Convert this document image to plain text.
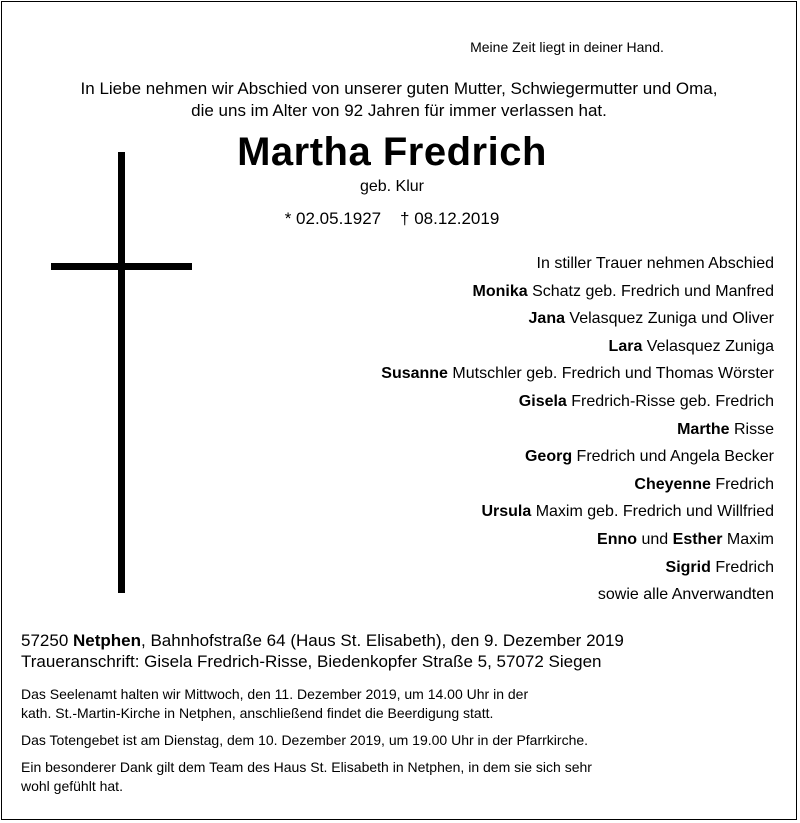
Meine Zeit liegt in deiner Hand.
In Liebe nehmen wir Abschied von unserer guten Mutter, Schwiegermutter und Oma,
die uns im Alter von 92 Jahren für immer verlassen hat.
Martha Fredrich
geb. Klur
* 02.05.1927 † 08.12.2019
In stiller Trauer nehmen Abschied
Monika Schatz geb. Fredrich und Manfred
Jana Velasquez Zuniga und Oliver
Lara Velasquez Zuniga
Susanne Mutschler geb. Fredrich und Thomas Wörster
Gisela Fredrich-Risse geb. Fredrich
Marthe Risse
Georg Fredrich und Angela Becker
Cheyenne Fredrich
Ursula Maxim geb. Fredrich und Willfried
Enno und Esther Maxim
Sigrid Fredrich
sowie alle Anverwandten
57250 Netphen, Bahnhofstraße 64 (Haus St. Elisabeth), den 9. Dezember 2019
Traueranschrift: Gisela Fredrich-Risse, Biedenkopfer Straße 5, 57072 Siegen

Das Seelenamt halten wir Mittwoch, den 11. Dezember 2019, um 14.00 Uhr in der
kath. St.-Martin-Kirche in Netphen, anschließend findet die Beerdigung statt.

Das Totengebet ist am Dienstag, dem 10. Dezember 2019, um 19.00 Uhr in der Pfarrkirche.

Ein besonderer Dank gilt dem Team des Haus St. Elisabeth in Netphen, in dem sie sich sehr
wohl gefühlt hat.
